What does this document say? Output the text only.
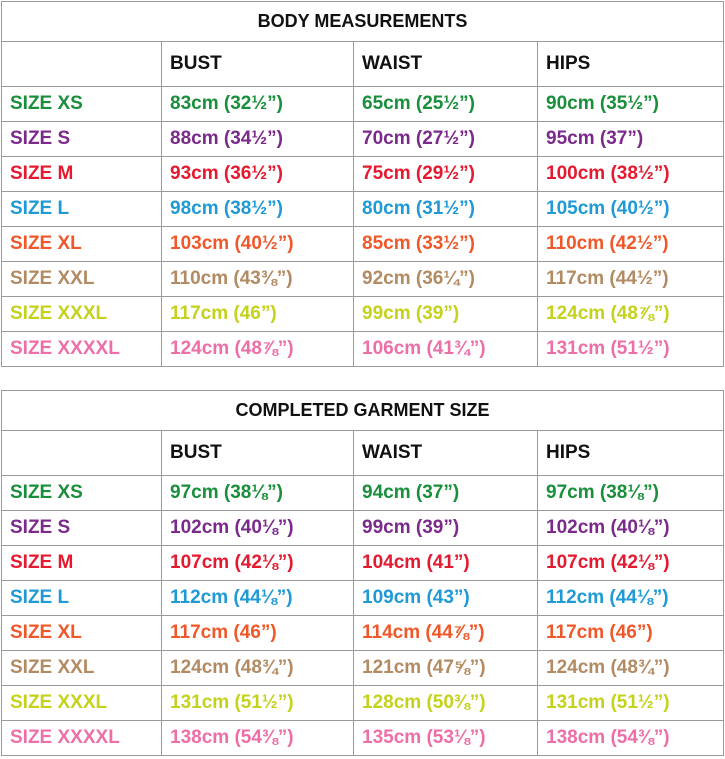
BODY MEASUREMENTS			
	BUST	WAIST	HIPS
SIZE XS	83cm (32½”)	65cm (25½”)	90cm (35½”)
SIZE S	88cm (34½”)	70cm (27½”)	95cm (37”)
SIZE M	93cm (36½”)	75cm (29½”)	100cm (38½”)
SIZE L	98cm (38½”)	80cm (31½”)	105cm (40½”)
SIZE XL	103cm (40½”)	85cm (33½”)	110cm (42½”)
SIZE XXL	110cm (43⅜”)	92cm (36¼”)	117cm (44½”)
SIZE XXXL	117cm (46”)	99cm (39”)	124cm (48⅞”)
SIZE XXXXL	124cm (48⅞”)	106cm (41¾”)	131cm (51½”)
COMPLETED GARMENT SIZE			
	BUST	WAIST	HIPS
SIZE XS	97cm (38⅛”)	94cm (37”)	97cm (38⅛”)
SIZE S	102cm (40⅛”)	99cm (39”)	102cm (40⅛”)
SIZE M	107cm (42⅛”)	104cm (41”)	107cm (42⅛”)
SIZE L	112cm (44⅛”)	109cm (43”)	112cm (44⅛”)
SIZE XL	117cm (46”)	114cm (44⅞”)	117cm (46”)
SIZE XXL	124cm (48¾”)	121cm (47⅝”)	124cm (48¾”)
SIZE XXXL	131cm (51½”)	128cm (50⅜”)	131cm (51½”)
SIZE XXXXL	138cm (54⅜”)	135cm (53⅛”)	138cm (54⅜”)
